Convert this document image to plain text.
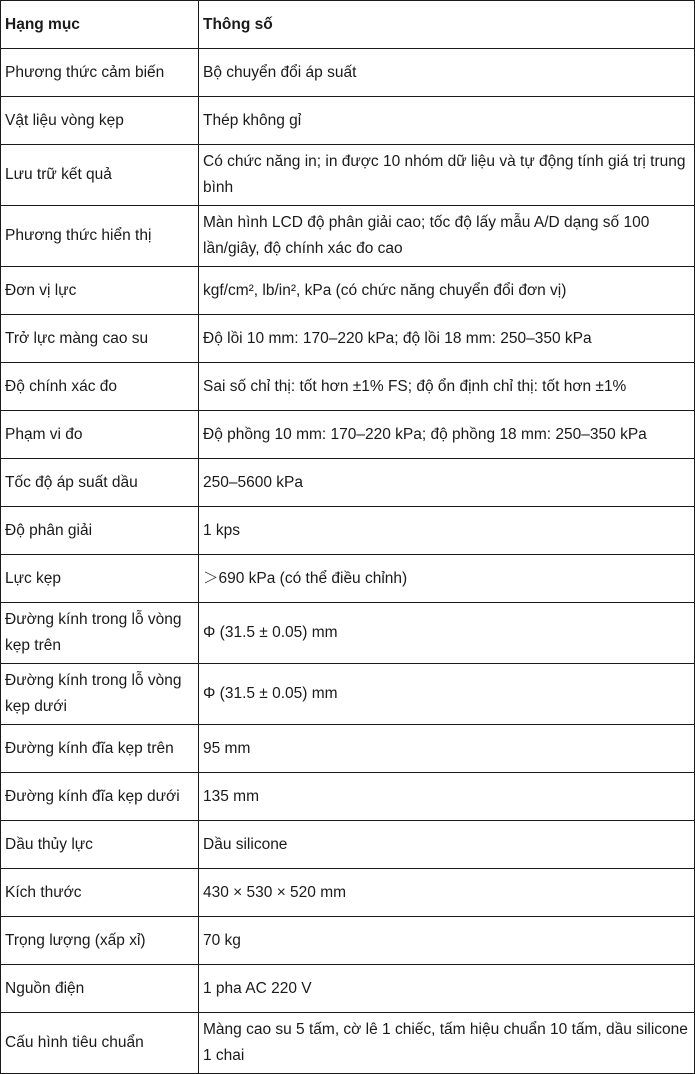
Hạng mục	Thông số
Phương thức cảm biến	Bộ chuyển đổi áp suất
Vật liệu vòng kẹp	Thép không gỉ
Lưu trữ kết quả	Có chức năng in; in được 10 nhóm dữ liệu và tự động tính giá trị trung bình
Phương thức hiển thị	Màn hình LCD độ phân giải cao; tốc độ lấy mẫu A/D dạng số 100 lần/giây, độ chính xác đo cao
Đơn vị lực	kgf/cm², lb/in², kPa (có chức năng chuyển đổi đơn vị)
Trở lực màng cao su	Độ lồi 10 mm: 170–220 kPa; độ lồi 18 mm: 250–350 kPa
Độ chính xác đo	Sai số chỉ thị: tốt hơn ±1% FS; độ ổn định chỉ thị: tốt hơn ±1%
Phạm vi đo	Độ phồng 10 mm: 170–220 kPa; độ phồng 18 mm: 250–350 kPa
Tốc độ áp suất dầu	250–5600 kPa
Độ phân giải	1 kps
Lực kẹp	＞690 kPa (có thể điều chỉnh)
Đường kính trong lỗ vòng kẹp trên	Φ (31.5 ± 0.05) mm
Đường kính trong lỗ vòng kẹp dưới	Φ (31.5 ± 0.05) mm
Đường kính đĩa kẹp trên	95 mm
Đường kính đĩa kẹp dưới	135 mm
Dầu thủy lực	Dầu silicone
Kích thước	430 × 530 × 520 mm
Trọng lượng (xấp xỉ)	70 kg
Nguồn điện	1 pha AC 220 V
Cấu hình tiêu chuẩn	Màng cao su 5 tấm, cờ lê 1 chiếc, tấm hiệu chuẩn 10 tấm, dầu silicone 1 chai
